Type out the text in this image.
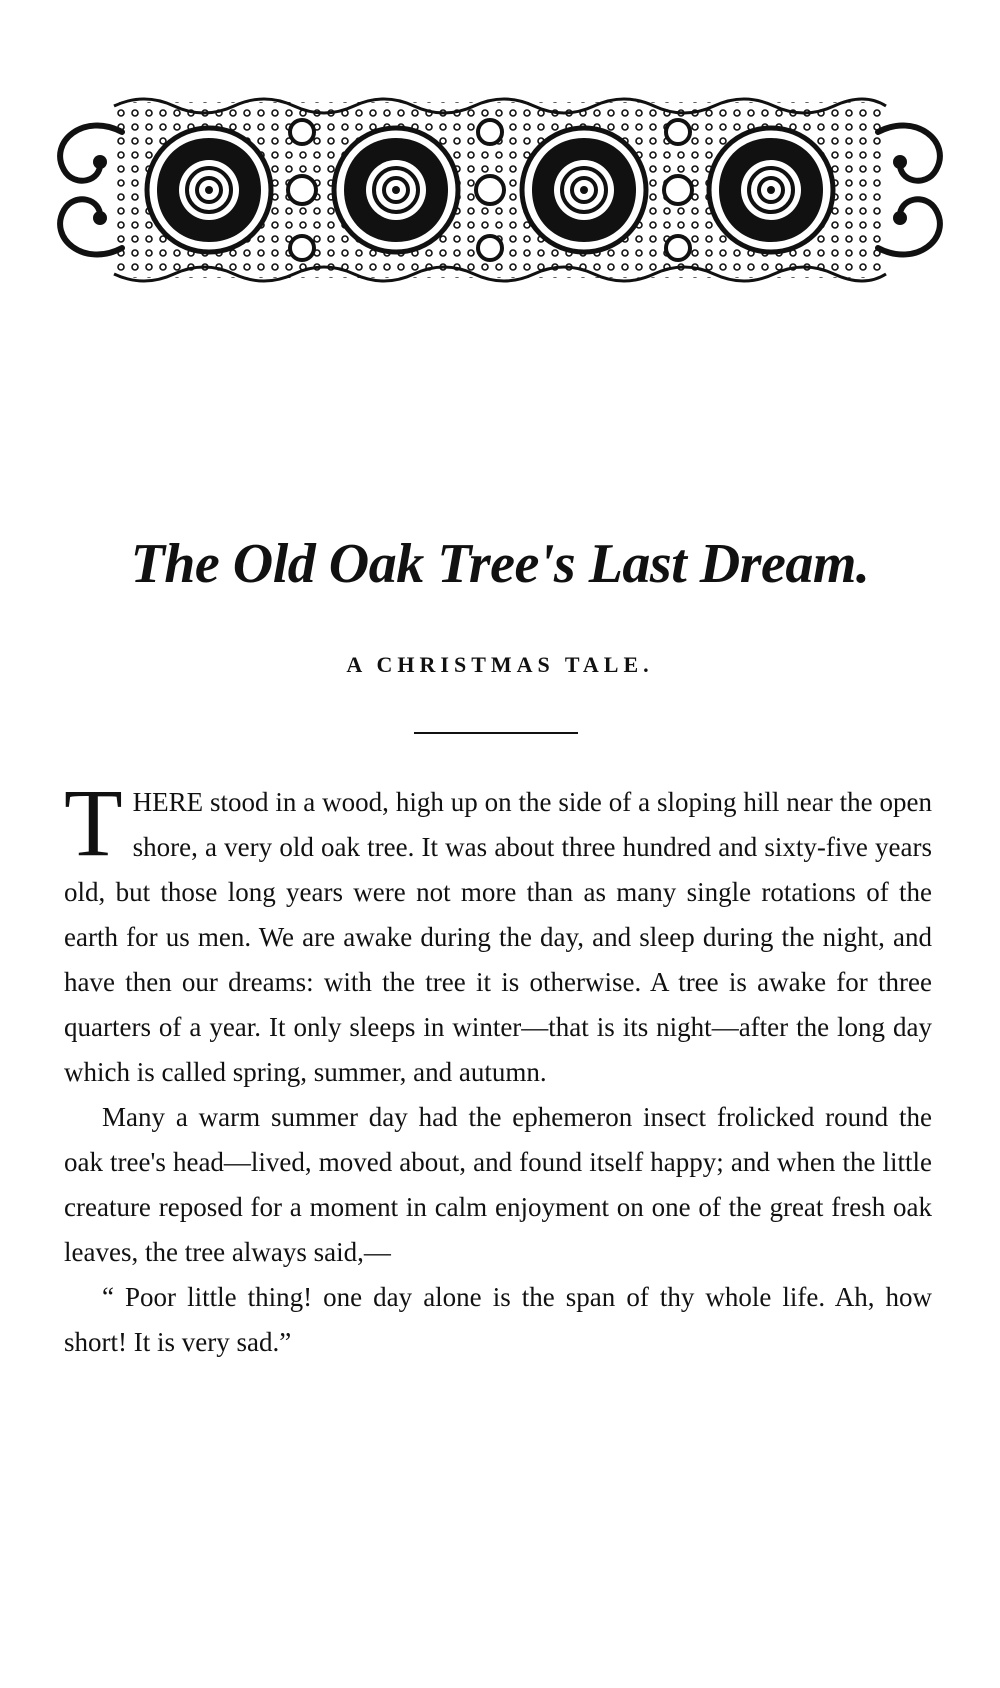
The Old Oak Tree's Last Dream.
A CHRISTMAS TALE.

THERE stood in a wood, high up on the side of a sloping hill near the open shore, a very old oak tree. It was about three hundred and sixty-five years old, but those long years were not more than as many single rotations of the earth for us men. We are awake during the day, and sleep during the night, and have then our dreams: with the tree it is otherwise. A tree is awake for three quarters of a year. It only sleeps in winter—that is its night—after the long day which is called spring, summer, and autumn.

Many a warm summer day had the ephemeron insect frolicked round the oak tree's head—lived, moved about, and found itself happy; and when the little creature reposed for a moment in calm enjoyment on one of the great fresh oak leaves, the tree always said,—

“ Poor little thing! one day alone is the span of thy whole life. Ah, how short! It is very sad.”
